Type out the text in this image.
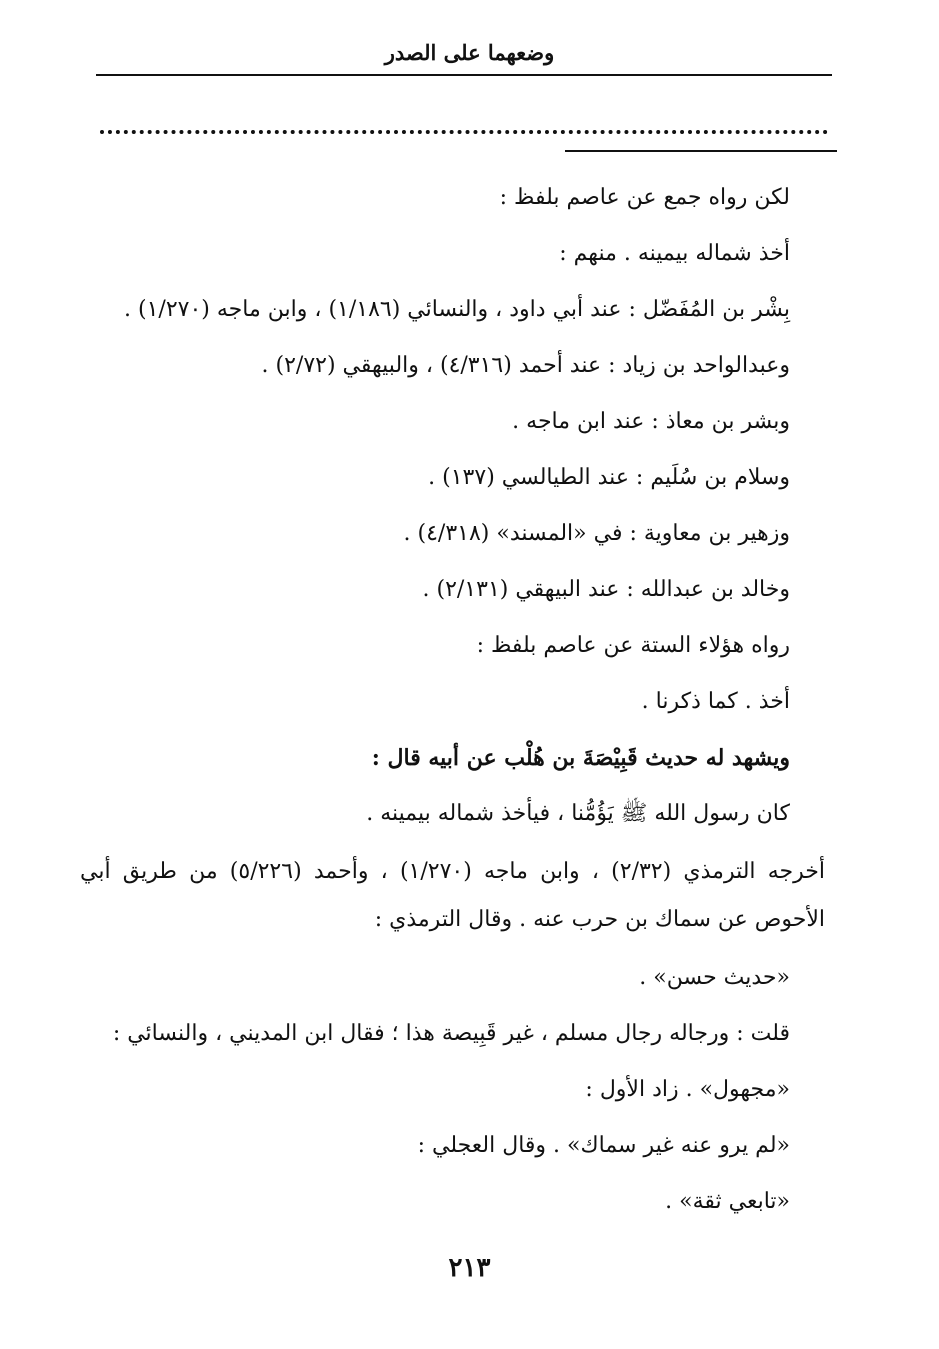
وضعهما على الصدر
لكن رواه جمع عن عاصم بلفظ :
أخذ شماله بيمينه . منهم :
بِشْر بن المُفَضّل : عند أبي داود ، والنسائي (١/١٨٦) ، وابن ماجه (١/٢٧٠) .
وعبدالواحد بن زياد : عند أحمد (٤/٣١٦) ، والبيهقي (٢/٧٢) .
وبشر بن معاذ : عند ابن ماجه .
وسلام بن سُلَيم : عند الطيالسي (١٣٧) .
وزهير بن معاوية : في «المسند» (٤/٣١٨) .
وخالد بن عبدالله : عند البيهقي (٢/١٣١) .
رواه هؤلاء الستة عن عاصم بلفظ :
أخذ . كما ذكرنا .
ويشهد له حديث قَبِيْصَةَ بن هُلْب عن أبيه قال :
كان رسول الله ﷺ يَؤُمُّنا ، فيأخذ شماله بيمينه .
أخرجه الترمذي (٢/٣٢) ، وابن ماجه (١/٢٧٠) ، وأحمد (٥/٢٢٦) من طريق أبي الأحوص عن سماك بن حرب عنه . وقال الترمذي :
«حديث حسن» .
قلت : ورجاله رجال مسلم ، غير قَبِيصة هذا ؛ فقال ابن المديني ، والنسائي :
«مجهول» . زاد الأول :
«لم يرو عنه غير سماك» . وقال العجلي :
«تابعي ثقة» .
٢١٣
